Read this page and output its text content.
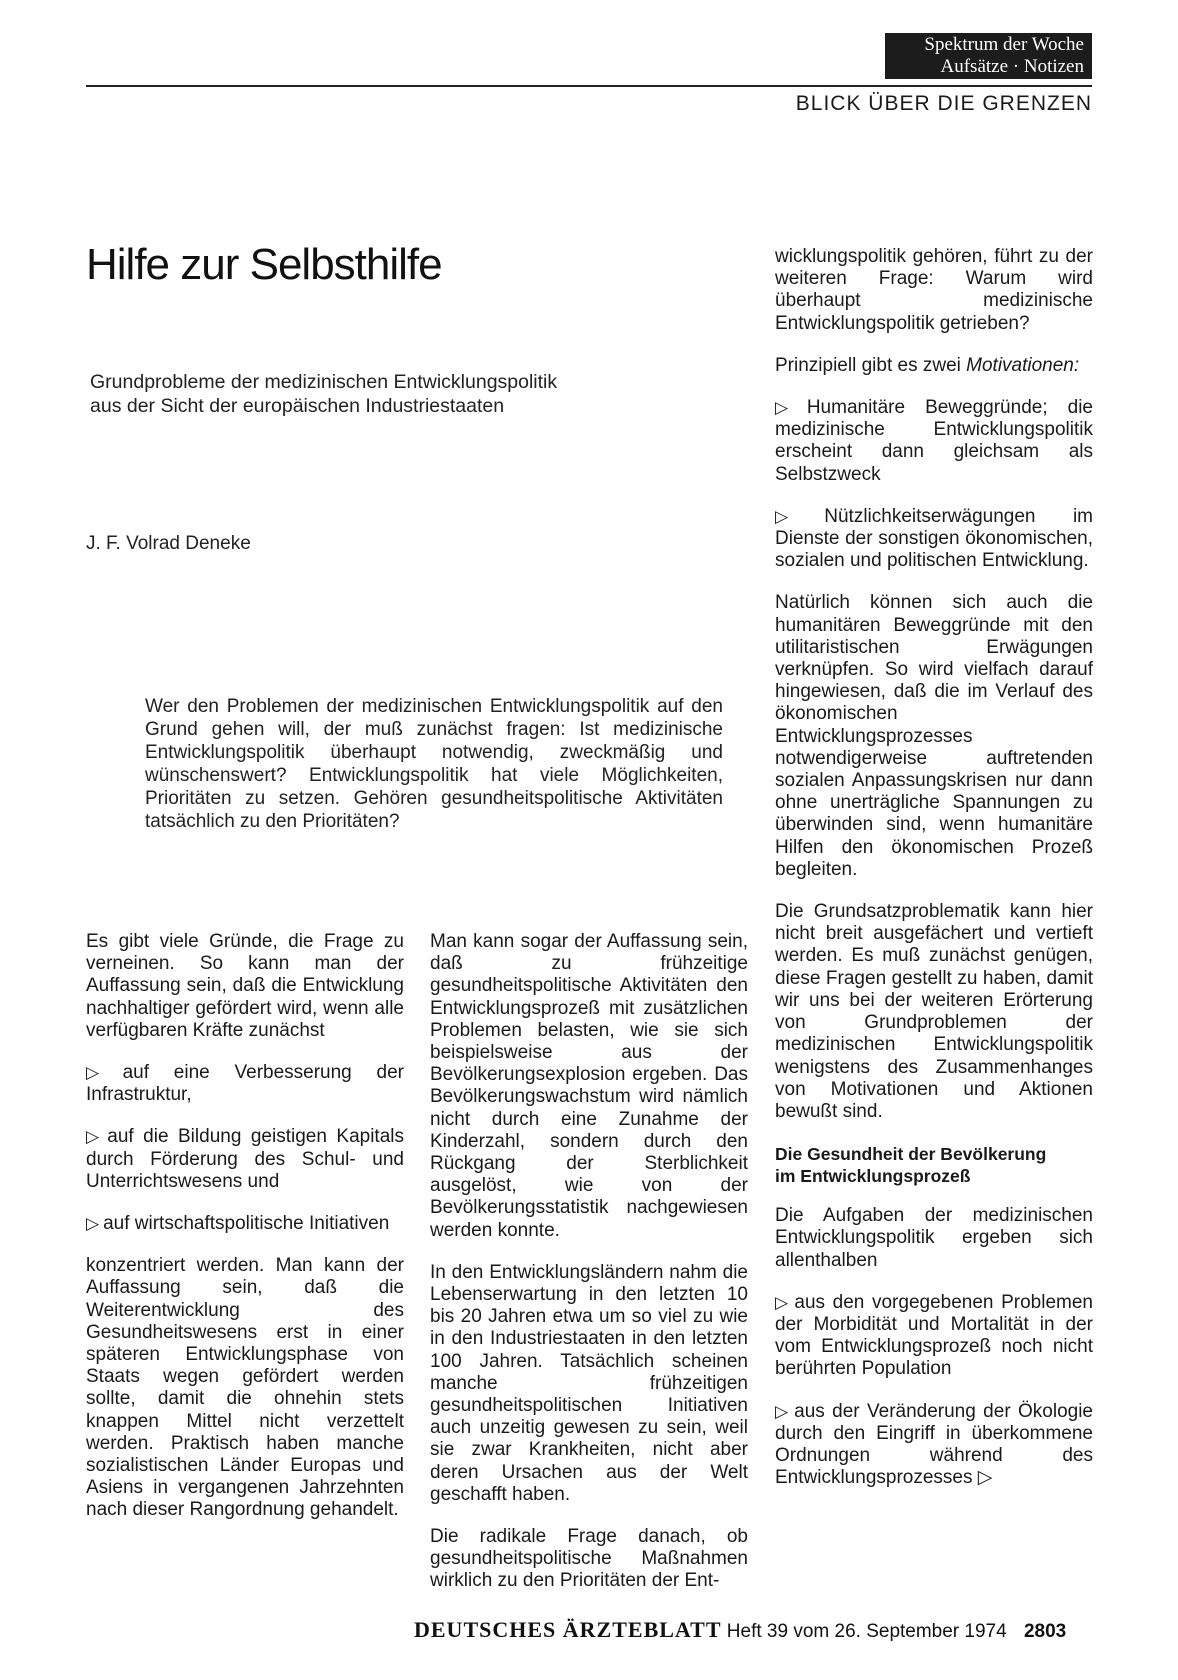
Spektrum der Woche
Aufsätze · Notizen
BLICK ÜBER DIE GRENZEN
Hilfe zur Selbsthilfe
Grundprobleme der medizinischen Entwicklungspolitik
aus der Sicht der europäischen Industriestaaten
J. F. Volrad Deneke
Wer den Problemen der medizinischen Entwicklungspolitik auf den Grund gehen will, der muß zunächst fragen: Ist medizinische Entwicklungspolitik überhaupt notwendig, zweckmäßig und wünschenswert? Entwicklungspolitik hat viele Möglichkeiten, Prioritäten zu setzen. Gehören gesundheitspolitische Aktivitäten tatsächlich zu den Prioritäten?

Es gibt viele Gründe, die Frage zu verneinen. So kann man der Auffassung sein, daß die Entwicklung nachhaltiger gefördert wird, wenn alle verfügbaren Kräfte zunächst

▷ auf eine Verbesserung der Infrastruktur,

▷ auf die Bildung geistigen Kapitals durch Förderung des Schul- und Unterrichtswesens und

▷ auf wirtschaftspolitische Initiativen

konzentriert werden. Man kann der Auffassung sein, daß die Weiterentwicklung des Gesundheitswesens erst in einer späteren Entwicklungsphase von Staats wegen gefördert werden sollte, damit die ohnehin stets knappen Mittel nicht verzettelt werden. Praktisch haben manche sozialistischen Länder Europas und Asiens in vergangenen Jahrzehnten nach dieser Rangordnung gehandelt.

Man kann sogar der Auffassung sein, daß zu frühzeitige gesundheitspolitische Aktivitäten den Entwicklungsprozeß mit zusätzlichen Problemen belasten, wie sie sich beispielsweise aus der Bevölkerungsexplosion ergeben. Das Bevölkerungswachstum wird nämlich nicht durch eine Zunahme der Kinderzahl, sondern durch den Rückgang der Sterblichkeit ausgelöst, wie von der Bevölkerungsstatistik nachgewiesen werden konnte.

In den Entwicklungsländern nahm die Lebenserwartung in den letzten 10 bis 20 Jahren etwa um so viel zu wie in den Industriestaaten in den letzten 100 Jahren. Tatsächlich scheinen manche frühzeitigen gesundheitspolitischen Initiativen auch unzeitig gewesen zu sein, weil sie zwar Krankheiten, nicht aber deren Ursachen aus der Welt geschafft haben.

Die radikale Frage danach, ob gesundheitspolitische Maßnahmen wirklich zu den Prioritäten der Ent-

wicklungspolitik gehören, führt zu der weiteren Frage: Warum wird überhaupt medizinische Entwicklungspolitik getrieben?

Prinzipiell gibt es zwei Motivationen:

▷ Humanitäre Beweggründe; die medizinische Entwicklungspolitik erscheint dann gleichsam als Selbstzweck

▷ Nützlichkeitserwägungen im Dienste der sonstigen ökonomischen, sozialen und politischen Entwicklung.

Natürlich können sich auch die humanitären Beweggründe mit den utilitaristischen Erwägungen verknüpfen. So wird vielfach darauf hingewiesen, daß die im Verlauf des ökonomischen Entwicklungsprozesses notwendigerweise auftretenden sozialen Anpassungskrisen nur dann ohne unerträgliche Spannungen zu überwinden sind, wenn humanitäre Hilfen den ökonomischen Prozeß begleiten.

Die Grundsatzproblematik kann hier nicht breit ausgefächert und vertieft werden. Es muß zunächst genügen, diese Fragen gestellt zu haben, damit wir uns bei der weiteren Erörterung von Grundproblemen der medizinischen Entwicklungspolitik wenigstens des Zusammenhanges von Motivationen und Aktionen bewußt sind.

Die Gesundheit der Bevölkerung
im Entwicklungsprozeß

Die Aufgaben der medizinischen Entwicklungspolitik ergeben sich allenthalben

▷ aus den vorgegebenen Problemen der Morbidität und Mortalität in der vom Entwicklungsprozeß noch nicht berührten Population

▷ aus der Veränderung der Ökologie durch den Eingriff in überkommene Ordnungen während des Entwicklungsprozesses ▷

DEUTSCHES ÄRZTEBLATT Heft 39 vom 26. September 1974 2803
